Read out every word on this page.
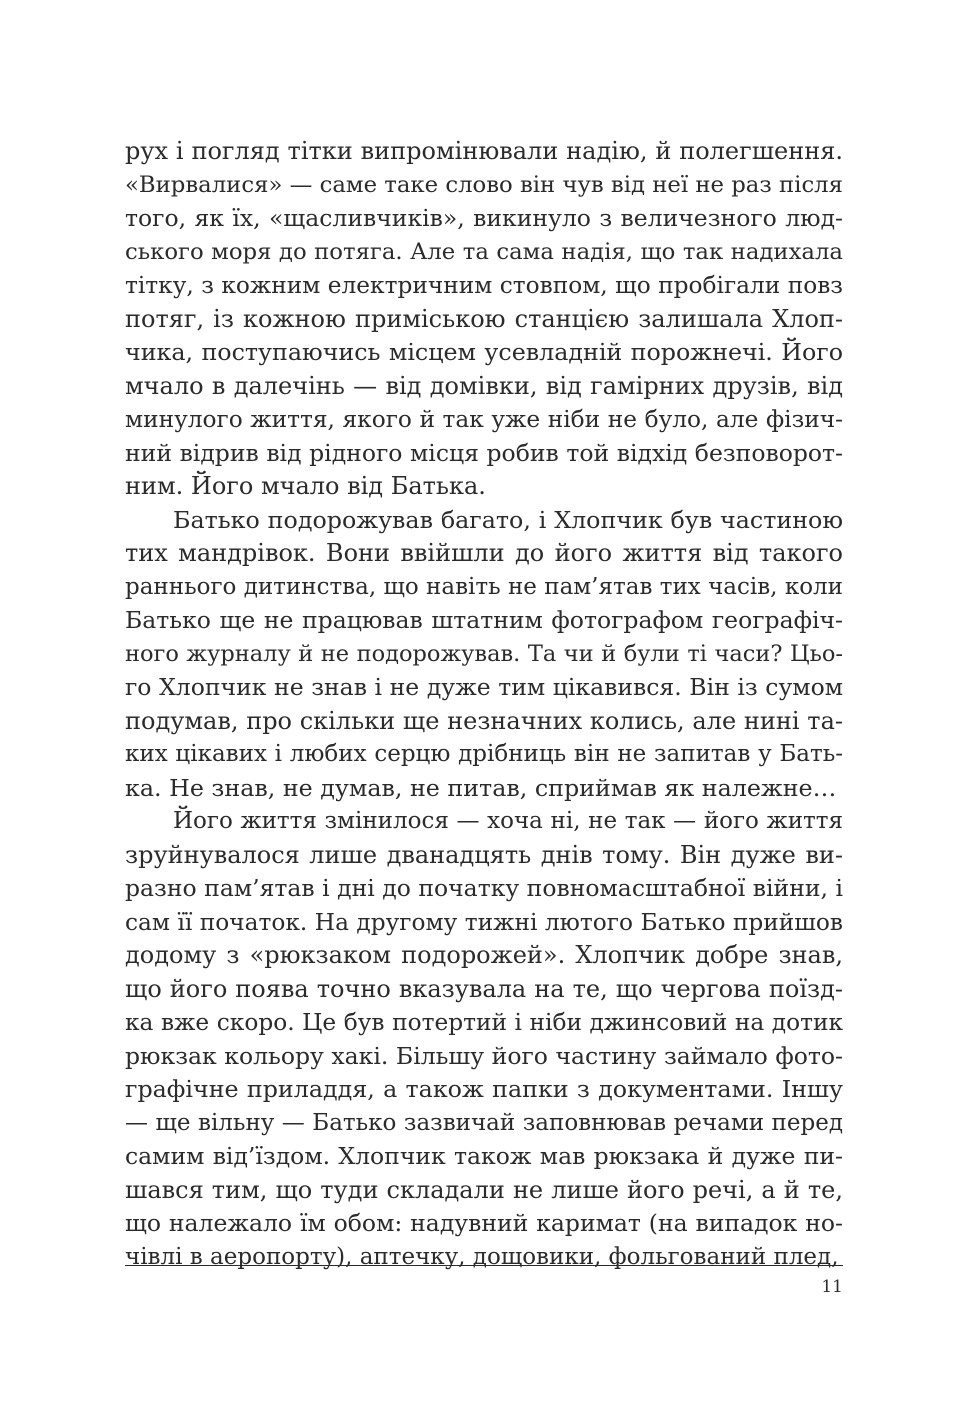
рух і погляд тітки випромінювали надію, й полегшення.
«Вирвалися» — саме таке слово він чув від неї не раз після
того, як їх, «щасливчиків», викинуло з величезного люд-
ського моря до потяга. Але та сама надія, що так надихала
тітку, з кожним електричним стовпом, що пробігали повз
потяг, із кожною приміською станцією залишала Хлоп-
чика, поступаючись місцем усевладній порожнечі. Його
мчало в далечінь — від домівки, від гамірних друзів, від
минулого життя, якого й так уже ніби не було, але фізич-
ний відрив від рідного місця робив той відхід безповорот-
ним. Його мчало від Батька.
Батько подорожував багато, і Хлопчик був частиною
тих мандрівок. Вони ввійшли до його життя від такого
раннього дитинства, що навіть не пам’ятав тих часів, коли
Батько ще не працював штатним фотографом географіч-
ного журналу й не подорожував. Та чи й були ті часи? Цьо-
го Хлопчик не знав і не дуже тим цікавився. Він із сумом
подумав, про скільки ще незначних колись, але нині та-
ких цікавих і любих серцю дрібниць він не запитав у Бать-
ка. Не знав, не думав, не питав, сприймав як належне…
Його життя змінилося — хоча ні, не так — його життя
зруйнувалося лише дванадцять днів тому. Він дуже ви-
разно пам’ятав і дні до початку повномасштабної війни, і
сам її початок. На другому тижні лютого Батько прийшов
додому з «рюкзаком подорожей». Хлопчик добре знав,
що його поява точно вказувала на те, що чергова поїзд-
ка вже скоро. Це був потертий і ніби джинсовий на дотик
рюкзак кольору хакі. Більшу його частину займало фото-
графічне приладдя, а також папки з документами. Іншу
— ще вільну — Батько зазвичай заповнював речами перед
самим від’їздом. Хлопчик також мав рюкзака й дуже пи-
шався тим, що туди складали не лише його речі, а й те,
що належало їм обом: надувний каримат (на випадок но-
чівлі в аеропорту), аптечку, дощовики, фольгований плед,
11
